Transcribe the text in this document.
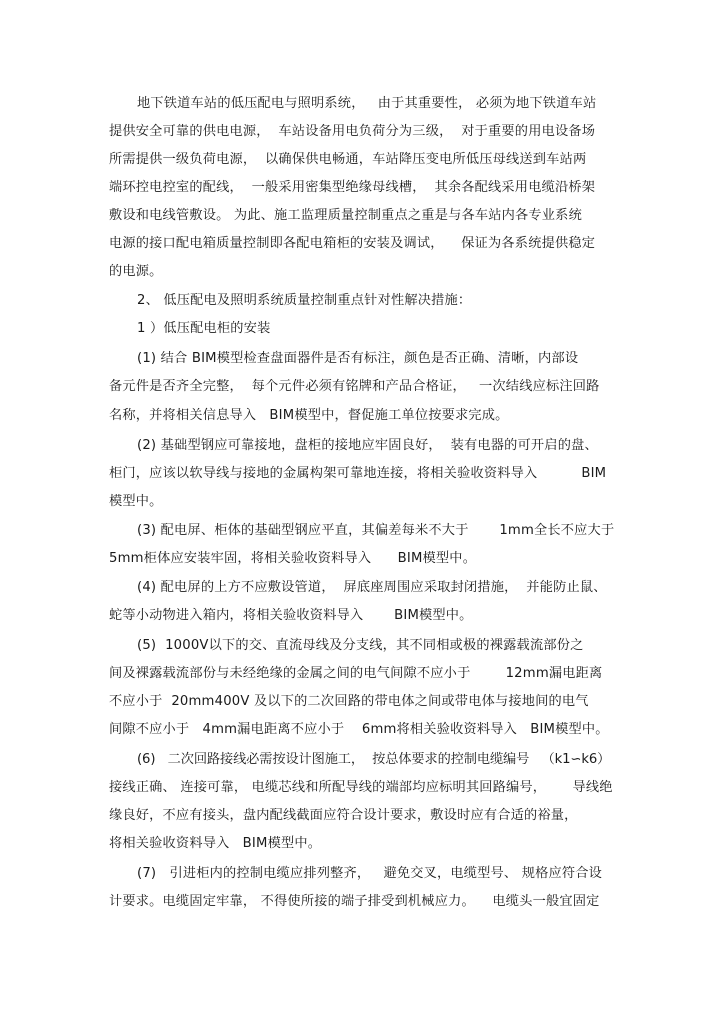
地下铁道车站的低压配电与照明系统，   由于其重要性， 必须为地下铁道车站
提供安全可靠的供电电源，  车站设备用电负荷分为三级，  对于重要的用电设备场
所需提供一级负荷电源，  以确保供电畅通，车站降压变电所低压母线送到车站两
端环控电控室的配线，  一般采用密集型绝缘母线槽，  其余各配线采用电缆沿桥架
敷设和电线管敷设。 为此、施工监理质量控制重点之重是与各车站内各专业系统
电源的接口配电箱质量控制即各配电箱柜的安装及调试，    保证为各系统提供稳定
的电源。
2、 低压配电及照明系统质量控制重点针对性解决措施：
1 ）低压配电柜的安装
(1) 结合 BIM模型检查盘面器件是否有标注，颜色是否正确、清晰，内部设
备元件是否齐全完整，  每个元件必须有铭牌和产品合格证，   一次结线应标注回路
名称，并将相关信息导入   BIM模型中，督促施工单位按要求完成。
(2) 基础型钢应可靠接地，盘柜的接地应牢固良好，  装有电器的可开启的盘、
柜门，应该以软导线与接地的金属构架可靠地连接，将相关验收资料导入          BIM
模型中。
(3) 配电屏、柜体的基础型钢应平直，其偏差每米不大于       1mm全长不应大于
5mm柜体应安装牢固，将相关验收资料导入      BIM模型中。
(4) 配电屏的上方不应敷设管道，  屏底座周围应采取封闭措施，  并能防止鼠、
蛇等小动物进入箱内，将相关验收资料导入       BIM模型中。
(5)  1000V以下的交、直流母线及分支线，其不同相或极的裸露载流部份之
间及裸露载流部份与未经绝缘的金属之间的电气间隙不应小于        12mm漏电距离
不应小于  20mm400V 及以下的二次回路的带电体之间或带电体与接地间的电气
间隙不应小于   4mm漏电距离不应小于    6mm将相关验收资料导入   BIM模型中。
(6)   二次回路接线必需按设计图施工，  按总体要求的控制电缆编号   （k1∽k6）
接线正确、 连接可靠， 电缆芯线和所配导线的端部均应标明其回路编号，      导线绝
缘良好，不应有接头，盘内配线截面应符合设计要求，敷设时应有合适的裕量，
将相关验收资料导入   BIM模型中。
(7)   引进柜内的控制电缆应排列整齐，   避免交叉，电缆型号、 规格应符合设
计要求。电缆固定牢靠， 不得使所接的端子排受到机械应力。    电缆头一般宜固定
